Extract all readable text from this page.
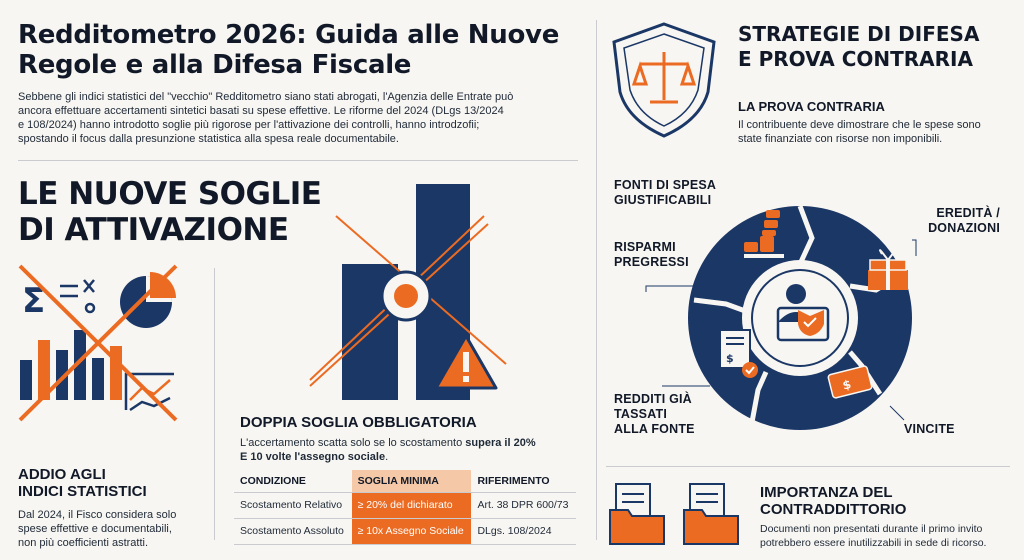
Redditometro 2026: Guida alle Nuove
Regole e alla Difesa Fiscale
Sebbene gli indici statistici del "vecchio" Redditometro siano stati abrogati, l'Agenzia delle Entrate può
ancora effettuare accertamenti sintetici basati su spese effettive. Le riforme del 2024 (DLgs 13/2024
e 108/2024) hanno introdotto soglie più rigorose per l'attivazione dei controlli, hanno introdzofii;
spostando il focus dalla presunzione statistica alla spesa reale documentabile.
LE NUOVE SOGLIE
DI ATTIVAZIONE
Σ
ADDIO AGLI
INDICI STATISTICI
Dal 2024, il Fisco considera solo
spese effettive e documentabili,
non più coefficienti astratti.
DOPPIA SOGLIA OBBLIGATORIA
L'accertamento scatta solo se lo scostamento supera il 20%
E 10 volte l'assegno sociale.
CONDIZIONE	SOGLIA MINIMA	RIFERIMENTO
Scostamento Relativo	≥ 20% del dichiarato	Art. 38 DPR 600/73
Scostamento Assoluto	≥ 10x Assegno Sociale	DLgs. 108/2024
STRATEGIE DI DIFESA
E PROVA CONTRARIA
LA PROVA CONTRARIA
Il contribuente deve dimostrare che le spese sono
state finanziate con risorse non imponibili.
FONTI DI SPESA
GIUSTIFICABILI
RISPARMI
PREGRESSI
EREDITÀ /
DONAZIONI
REDDITI GIÀ
TASSATI
ALLA FONTE	VINCITE
$
$
IMPORTANZA DEL
CONTRADDITTORIO
Documenti non presentati durante il primo invito
potrebbero essere inutilizzabili in sede di ricorso.
